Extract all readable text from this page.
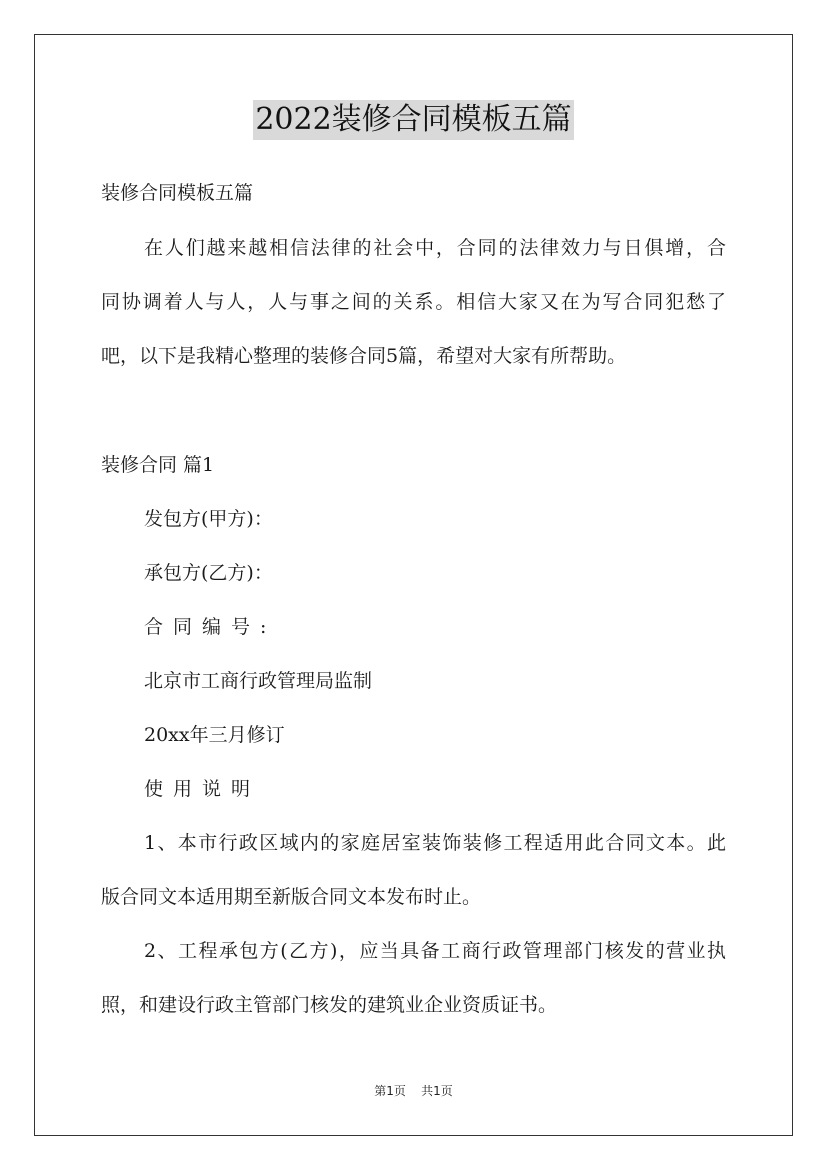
2022装修合同模板五篇
装修合同模板五篇
在人们越来越相信法律的社会中，合同的法律效力与日俱增，合
同协调着人与人，人与事之间的关系。相信大家又在为写合同犯愁了
吧，以下是我精心整理的装修合同5篇，希望对大家有所帮助。
装修合同 篇1
发包方(甲方)：
承包方(乙方)：
合同编号:
北京市工商行政管理局监制
20xx年三月修订
使用说明
1、本市行政区域内的家庭居室装饰装修工程适用此合同文本。此
版合同文本适用期至新版合同文本发布时止。
2、工程承包方(乙方)，应当具备工商行政管理部门核发的营业执
照，和建设行政主管部门核发的建筑业企业资质证书。
第1页 共1页
